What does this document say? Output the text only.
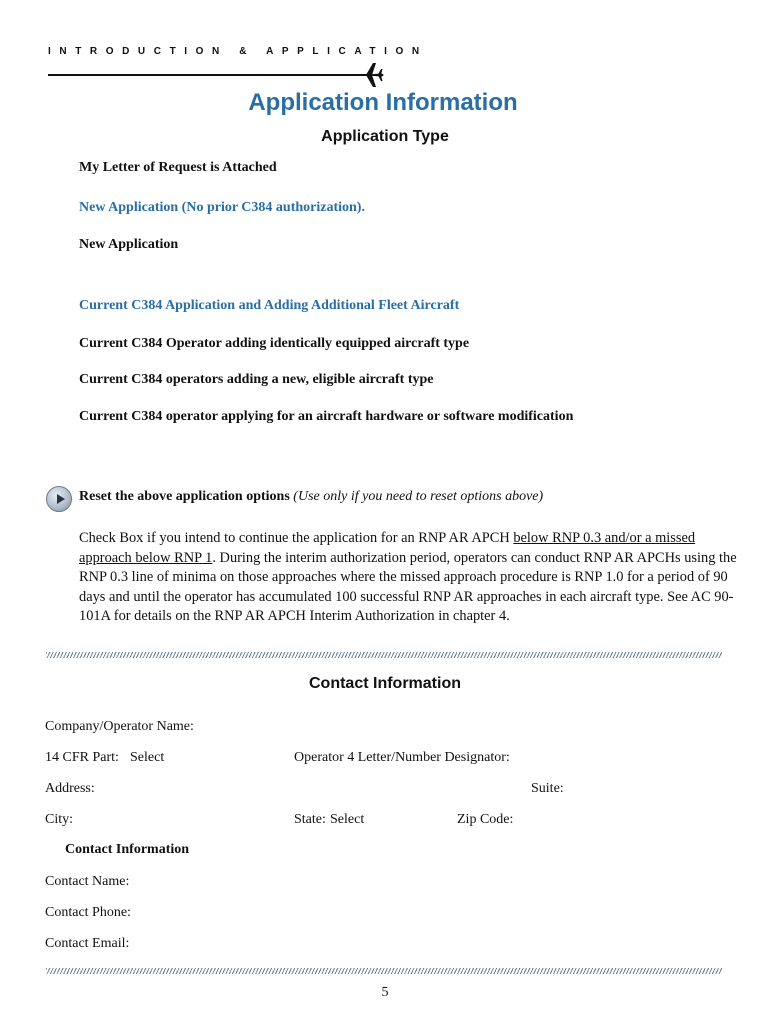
INTRODUCTION & APPLICATION
Application Information
Application Type
My Letter of Request is Attached
New Application (No prior C384 authorization).
New Application
Current C384 Application and Adding Additional Fleet Aircraft
Current C384 Operator adding identically equipped aircraft type
Current C384 operators adding a new, eligible aircraft type
Current C384 operator applying for an aircraft hardware or software modification
Reset the above application options (Use only if you need to reset options above)
Check Box if you intend to continue the application for an RNP AR APCH below RNP 0.3 and/or a missed approach below RNP 1. During the interim authorization period, operators can conduct RNP AR APCHs using the RNP 0.3 line of minima on those approaches where the missed approach procedure is RNP 1.0 for a period of 90 days and until the operator has accumulated 100 successful RNP AR approaches in each aircraft type. See AC 90-101A for details on the RNP AR APCH Interim Authorization in chapter 4.
Contact Information
Company/Operator Name:
14 CFR Part: Select	Operator 4 Letter/Number Designator:
Address:	Suite:
City:	State: Select	Zip Code:
Contact Information
Contact Name:
Contact Phone:
Contact Email:
5
